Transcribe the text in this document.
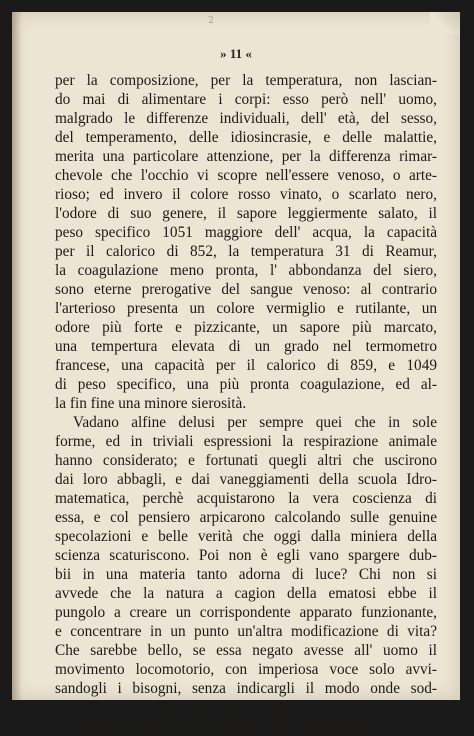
2
» 11 «
per la composizione, per la temperatura, non lascian-
do mai di alimentare i corpi: esso però nell' uomo,
malgrado le differenze individuali, dell' età, del sesso,
del temperamento, delle idiosincrasie, e delle malattie,
merita una particolare attenzione, per la differenza rimar-
chevole che l'occhio vi scopre nell'essere venoso, o arte-
rioso; ed invero il colore rosso vinato, o scarlato nero,
l'odore di suo genere, il sapore leggiermente salato, il
peso specifico 1051 maggiore dell' acqua, la capacità
per il calorico di 852, la temperatura 31 di Reamur,
la coagulazione meno pronta, l' abbondanza del siero,
sono eterne prerogative del sangue venoso: al contrario
l'arterioso presenta un colore vermiglio e rutilante, un
odore più forte e pizzicante, un sapore più marcato,
una tempertura elevata di un grado nel termometro
francese, una capacità per il calorico di 859, e 1049
di peso specifico, una più pronta coagulazione, ed al-
la fin fine una minore sierosità.
Vadano alfine delusi per sempre quei che in sole
forme, ed in triviali espressioni la respirazione animale
hanno considerato; e fortunati quegli altri che uscirono
dai loro abbagli, e dai vaneggiamenti della scuola Idro-
matematica, perchè acquistarono la vera coscienza di
essa, e col pensiero arpicarono calcolando sulle genuine
specolazioni e belle verità che oggi dalla miniera della
scienza scaturiscono. Poi non è egli vano spargere dub-
bii in una materia tanto adorna di luce? Chi non si
avvede che la natura a cagion della ematosi ebbe il
pungolo a creare un corrispondente apparato funzionante,
e concentrare in un punto un'altra modificazione di vita?
Che sarebbe bello, se essa negato avesse all' uomo il
movimento locomotorio, con imperiosa voce solo avvi-
sandogli i bisogni, senza indicargli il modo onde sod-
disfarli; e la cognizione degli oggetti minaccianti la frale
sua esistenza senza trovar mezzo onde respignerli?
